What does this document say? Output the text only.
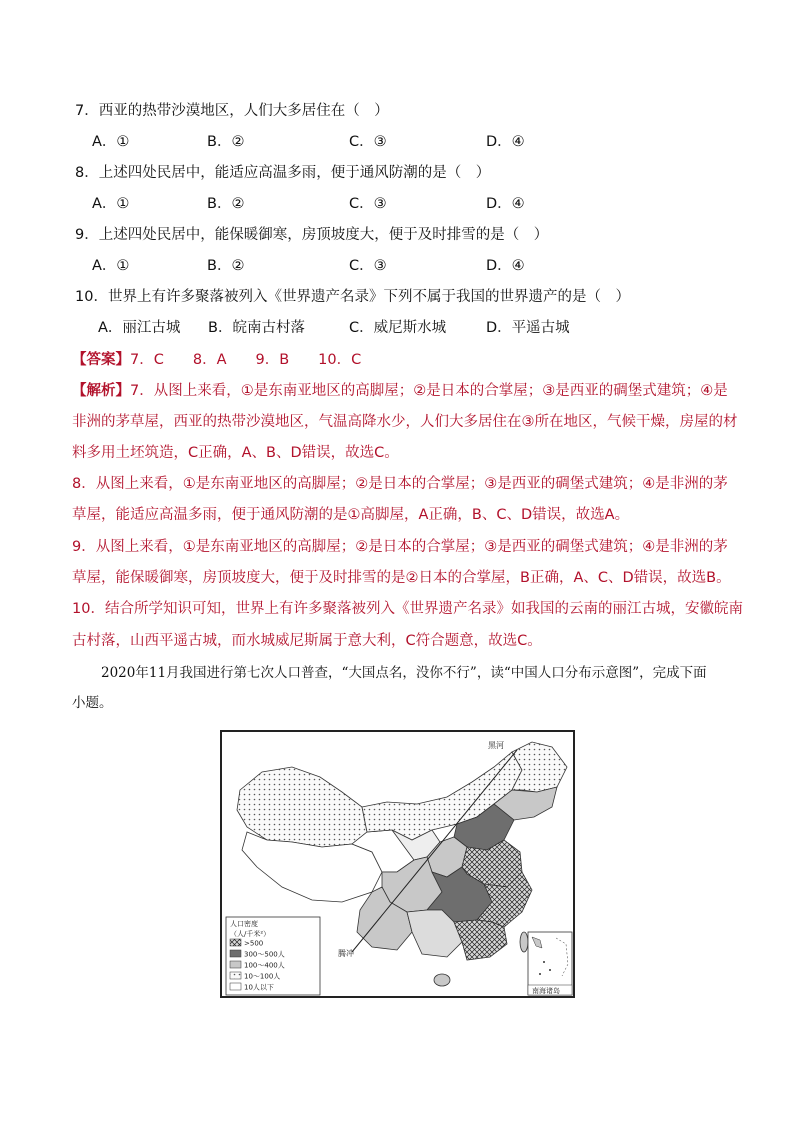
7．西亚的热带沙漠地区，人们大多居住在（　）
A．①	B．②	C．③	D．④
8．上述四处民居中，能适应高温多雨，便于通风防潮的是（　）
A．①	B．②	C．③	D．④
9．上述四处民居中，能保暖御寒，房顶坡度大，便于及时排雪的是（　）
A．①	B．②	C．③	D．④
10．世界上有许多聚落被列入《世界遗产名录》下列不属于我国的世界遗产的是（　）
A．丽江古城 B．皖南古村落	C．威尼斯水城	D．平遥古城
【答案】7．C　　8．A　　9．B　　10．C
【解析】7．从图上来看，①是东南亚地区的高脚屋；②是日本的合掌屋；③是西亚的碉堡式建筑；④是
非洲的茅草屋，西亚的热带沙漠地区，气温高降水少，人们大多居住在③所在地区，气候干燥，房屋的材
料多用土坯筑造，C正确，A、B、D错误，故选C。
8．从图上来看，①是东南亚地区的高脚屋；②是日本的合掌屋；③是西亚的碉堡式建筑；④是非洲的茅
草屋，能适应高温多雨，便于通风防潮的是①高脚屋，A正确，B、C、D错误，故选A。
9．从图上来看，①是东南亚地区的高脚屋；②是日本的合掌屋；③是西亚的碉堡式建筑；④是非洲的茅
草屋，能保暖御寒，房顶坡度大，便于及时排雪的是②日本的合掌屋，B正确，A、C、D错误，故选B。
10．结合所学知识可知，世界上有许多聚落被列入《世界遗产名录》如我国的云南的丽江古城，安徽皖南
古村落，山西平遥古城，而水城威尼斯属于意大利，C符合题意，故选C。
2020年11月我国进行第七次人口普查，“大国点名，没你不行”，读“中国人口分布示意图”，完成下面
小题。
黑河
腾冲
人口密度
（人/千米²）
>500
300～500人
100～400人
10～100人
10人以下	南海诸岛
